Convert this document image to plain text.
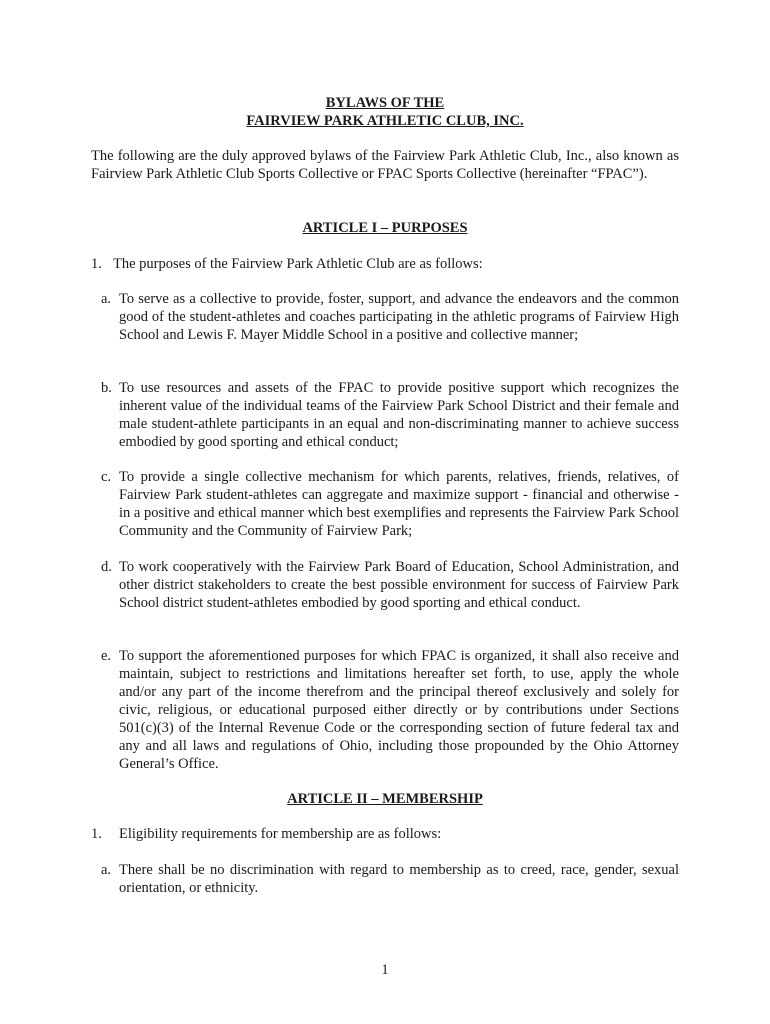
BYLAWS OF THE
FAIRVIEW PARK ATHLETIC CLUB, INC.
The following are the duly approved bylaws of the Fairview Park Athletic Club, Inc., also known as Fairview Park Athletic Club Sports Collective or FPAC Sports Collective (hereinafter “FPAC”).
ARTICLE I – PURPOSES
1. The purposes of the Fairview Park Athletic Club are as follows:
a. To serve as a collective to provide, foster, support, and advance the endeavors and the common good of the student-athletes and coaches participating in the athletic programs of Fairview High School and Lewis F. Mayer Middle School in a positive and collective manner;
b. To use resources and assets of the FPAC to provide positive support which recognizes the inherent value of the individual teams of the Fairview Park School District and their female and male student-athlete participants in an equal and non-discriminating manner to achieve success embodied by good sporting and ethical conduct;
c. To provide a single collective mechanism for which parents, relatives, friends, relatives, of Fairview Park student-athletes can aggregate and maximize support - financial and otherwise - in a positive and ethical manner which best exemplifies and represents the Fairview Park School Community and the Community of Fairview Park;
d. To work cooperatively with the Fairview Park Board of Education, School Administration, and other district stakeholders to create the best possible environment for success of Fairview Park School district student-athletes embodied by good sporting and ethical conduct.
e. To support the aforementioned purposes for which FPAC is organized, it shall also receive and maintain, subject to restrictions and limitations hereafter set forth, to use, apply the whole and/or any part of the income therefrom and the principal thereof exclusively and solely for civic, religious, or educational purposed either directly or by contributions under Sections 501(c)(3) of the Internal Revenue Code or the corresponding section of future federal tax and any and all laws and regulations of Ohio, including those propounded by the Ohio Attorney General’s Office.
ARTICLE II – MEMBERSHIP
1. Eligibility requirements for membership are as follows:
a. There shall be no discrimination with regard to membership as to creed, race, gender, sexual orientation, or ethnicity.
1
